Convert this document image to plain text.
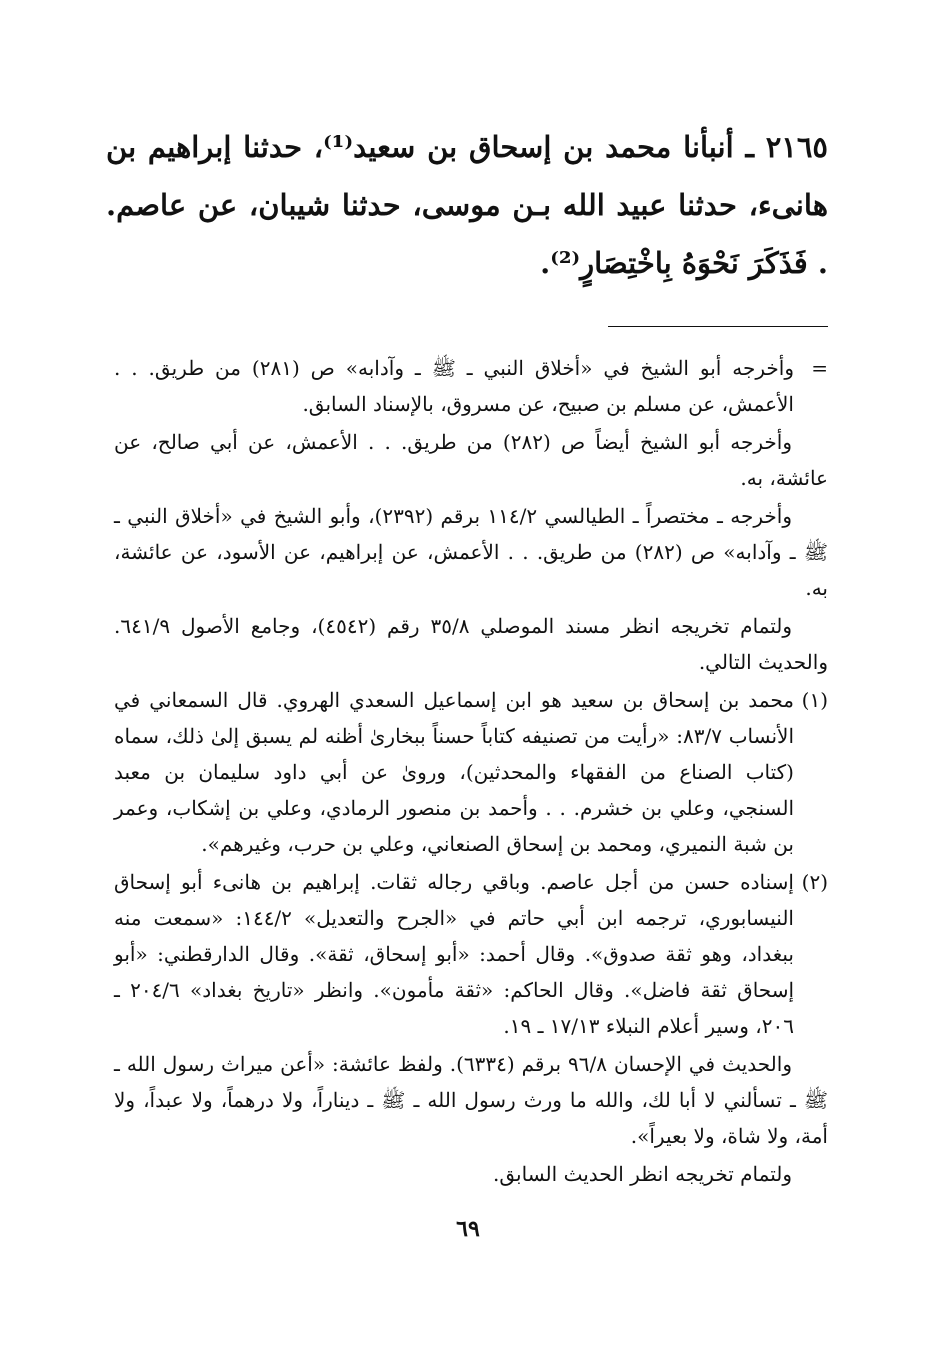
٢١٦٥ ـ أنبأنا محمد بن إسحاق بن سعيد⁽¹⁾، حدثنا إبراهيم بن هانىء، حدثنا عبيد الله بـن موسى، حدثنا شيبان، عن عاصم. . فَذَكَرَ نَحْوَهُ بِاخْتِصَارٍ⁽²⁾.

=
وأخرجه أبو الشيخ في «أخلاق النبي ـ ﷺ ـ وآدابه» ص (٢٨١) من طريق. . . الأعمش، عن مسلم بن صبيح، عن مسروق، بالإسناد السابق.

وأخرجه أبو الشيخ أيضاً ص (٢٨٢) من طريق. . . الأعمش، عن أبي صالح، عن عائشة، به.

وأخرجه ـ مختصراً ـ الطيالسي ١١٤/٢ برقم (٢٣٩٢)، وأبو الشيخ في «أخلاق النبي ـ ﷺ ـ وآدابه» ص (٢٨٢) من طريق. . . الأعمش، عن إبراهيم، عن الأسود، عن عائشة، به.

ولتمام تخريجه انظر مسند الموصلي ٣٥/٨ رقم (٤٥٤٢)، وجامع الأصول ٦٤١/٩. والحديث التالي.

(١)
محمد بن إسحاق بن سعيد هو ابن إسماعيل السعدي الهروي. قال السمعاني في الأنساب ٨٣/٧: «رأيت من تصنيفه كتاباً حسناً ببخارىٰ أظنه لم يسبق إلىٰ ذلك، سماه (كتاب الصناع من الفقهاء والمحدثين)، وروىٰ عن أبي داود سليمان بن معبد السنجي، وعلي بن خشرم. . . وأحمد بن منصور الرمادي، وعلي بن إشكاب، وعمر بن شبة النميري، ومحمد بن إسحاق الصنعاني، وعلي بن حرب، وغيرهم».

(٢)
إسناده حسن من أجل عاصم. وباقي رجاله ثقات. إبراهيم بن هانىء أبو إسحاق النيسابوري، ترجمه ابن أبي حاتم في «الجرح والتعديل» ١٤٤/٢: «سمعت منه ببغداد، وهو ثقة صدوق». وقال أحمد: «أبو إسحاق، ثقة». وقال الدارقطني: «أبو إسحاق ثقة فاضل». وقال الحاكم: «ثقة مأمون». وانظر «تاريخ بغداد» ٢٠٤/٦ ـ ٢٠٦، وسير أعلام النبلاء ١٧/١٣ ـ ١٩.

والحديث في الإحسان ٩٦/٨ برقم (٦٣٣٤). ولفظ عائشة: «أعن ميراث رسول الله ـ ﷺ ـ تسألني لا أبا لك، والله ما ورث رسول الله ـ ﷺ ـ ديناراً، ولا درهماً، ولا عبداً، ولا أمة، ولا شاة، ولا بعيراً».

ولتمام تخريجه انظر الحديث السابق.

٦٩
